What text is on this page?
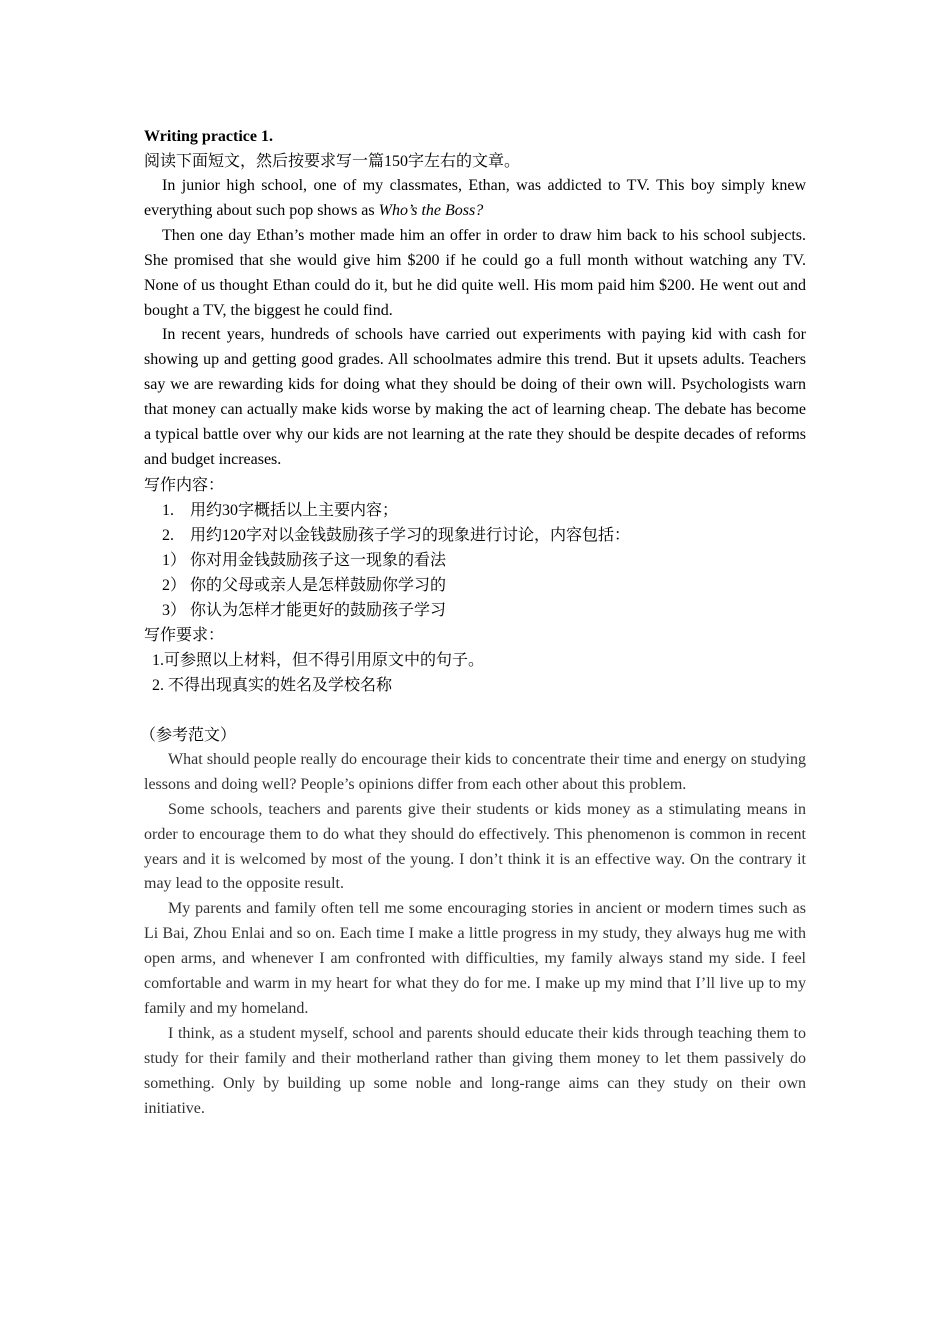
Writing practice 1.
阅读下面短文，然后按要求写一篇150字左右的文章。

In junior high school, one of my classmates, Ethan, was addicted to TV. This boy simply knew everything about such pop shows as Who’s the Boss?

Then one day Ethan’s mother made him an offer in order to draw him back to his school subjects. She promised that she would give him $200 if he could go a full month without watching any TV. None of us thought Ethan could do it, but he did quite well. His mom paid him $200. He went out and bought a TV, the biggest he could find.

In recent years, hundreds of schools have carried out experiments with paying kid with cash for showing up and getting good grades. All schoolmates admire this trend. But it upsets adults. Teachers say we are rewarding kids for doing what they should be doing of their own will. Psychologists warn that money can actually make kids worse by making the act of learning cheap. The debate has become a typical battle over why our kids are not learning at the rate they should be despite decades of reforms and budget increases.

写作内容：
1. 用约30字概括以上主要内容；
2. 用约120字对以金钱鼓励孩子学习的现象进行讨论，内容包括：
1） 你对用金钱鼓励孩子这一现象的看法
2） 你的父母或亲人是怎样鼓励你学习的
3） 你认为怎样才能更好的鼓励孩子学习
写作要求：
1.可参照以上材料，但不得引用原文中的句子。
2. 不得出现真实的姓名及学校名称
（参考范文）

What should people really do encourage their kids to concentrate their time and energy on studying lessons and doing well? People’s opinions differ from each other about this problem.

Some schools, teachers and parents give their students or kids money as a stimulating means in order to encourage them to do what they should do effectively. This phenomenon is common in recent years and it is welcomed by most of the young. I don’t think it is an effective way. On the contrary it may lead to the opposite result.

My parents and family often tell me some encouraging stories in ancient or modern times such as Li Bai, Zhou Enlai and so on. Each time I make a little progress in my study, they always hug me with open arms, and whenever I am confronted with difficulties, my family always stand my side. I feel comfortable and warm in my heart for what they do for me. I make up my mind that I’ll live up to my family and my homeland.

I think, as a student myself, school and parents should educate their kids through teaching them to study for their family and their motherland rather than giving them money to let them passively do something. Only by building up some noble and long-range aims can they study on their own initiative.
